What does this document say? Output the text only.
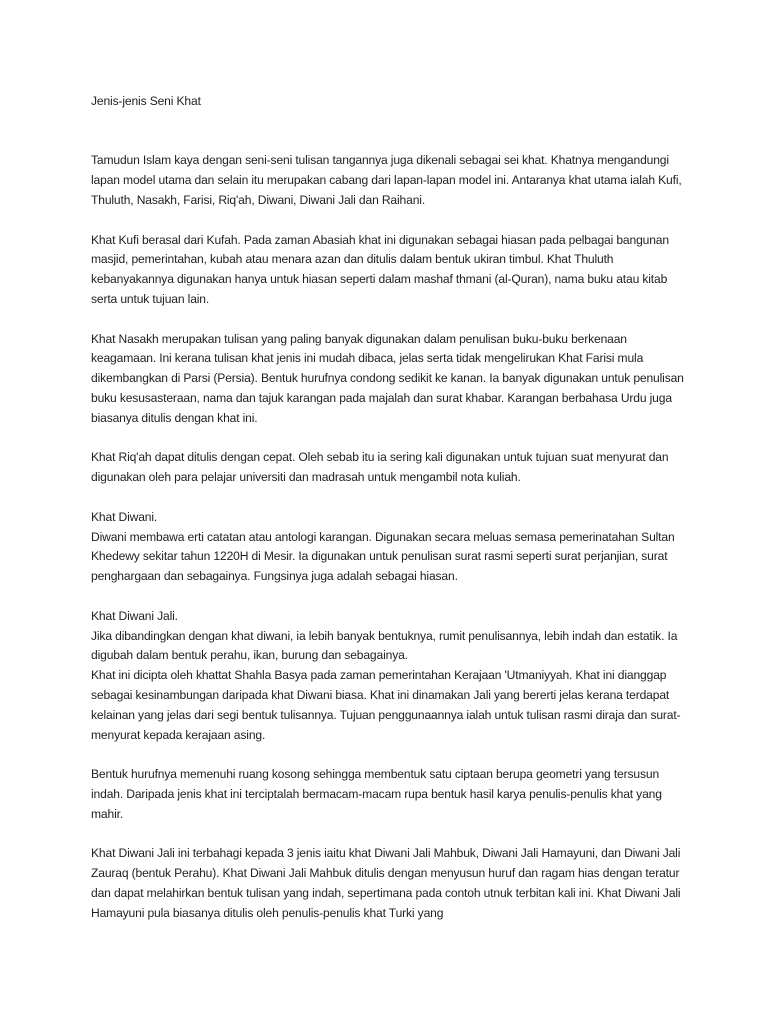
Jenis-jenis Seni Khat

Tamudun Islam kaya dengan seni-seni tulisan tangannya juga dikenali sebagai sei khat. Khatnya mengandungi lapan model utama dan selain itu merupakan cabang dari lapan-lapan model ini. Antaranya khat utama ialah Kufi, Thuluth, Nasakh, Farisi, Riq'ah, Diwani, Diwani Jali dan Raihani.

Khat Kufi berasal dari Kufah. Pada zaman Abasiah khat ini digunakan sebagai hiasan pada pelbagai bangunan masjid, pemerintahan, kubah atau menara azan dan ditulis dalam bentuk ukiran timbul. Khat Thuluth kebanyakannya digunakan hanya untuk hiasan seperti dalam mashaf thmani (al-Quran), nama buku atau kitab serta untuk tujuan lain.

Khat Nasakh merupakan tulisan yang paling banyak digunakan dalam penulisan buku-buku berkenaan keagamaan. Ini kerana tulisan khat jenis ini mudah dibaca, jelas serta tidak mengelirukan Khat Farisi mula dikembangkan di Parsi (Persia). Bentuk hurufnya condong sedikit ke kanan. Ia banyak digunakan untuk penulisan buku kesusasteraan, nama dan tajuk karangan pada majalah dan surat khabar. Karangan berbahasa Urdu juga biasanya ditulis dengan khat ini.

Khat Riq'ah dapat ditulis dengan cepat. Oleh sebab itu ia sering kali digunakan untuk tujuan suat menyurat dan digunakan oleh para pelajar universiti dan madrasah untuk mengambil nota kuliah.

Khat Diwani.

Diwani membawa erti catatan atau antologi karangan. Digunakan secara meluas semasa pemerinatahan Sultan Khedewy sekitar tahun 1220H di Mesir. Ia digunakan untuk penulisan surat rasmi seperti surat perjanjian, surat penghargaan dan sebagainya. Fungsinya juga adalah sebagai hiasan.

Khat Diwani Jali.

Jika dibandingkan dengan khat diwani, ia lebih banyak bentuknya, rumit penulisannya, lebih indah dan estatik. Ia digubah dalam bentuk perahu, ikan, burung dan sebagainya.

Khat ini dicipta oleh khattat Shahla Basya pada zaman pemerintahan Kerajaan 'Utmaniyyah. Khat ini dianggap sebagai kesinambungan daripada khat Diwani biasa. Khat ini dinamakan Jali yang bererti jelas kerana terdapat kelainan yang jelas dari segi bentuk tulisannya. Tujuan penggunaannya ialah untuk tulisan rasmi diraja dan surat-menyurat kepada kerajaan asing.

Bentuk hurufnya memenuhi ruang kosong sehingga membentuk satu ciptaan berupa geometri yang tersusun indah. Daripada jenis khat ini terciptalah bermacam-macam rupa bentuk hasil karya penulis-penulis khat yang mahir.

Khat Diwani Jali ini terbahagi kepada 3 jenis iaitu khat Diwani Jali Mahbuk, Diwani Jali Hamayuni, dan Diwani Jali Zauraq (bentuk Perahu). Khat Diwani Jali Mahbuk ditulis dengan menyusun huruf dan ragam hias dengan teratur dan dapat melahirkan bentuk tulisan yang indah, sepertimana pada contoh utnuk terbitan kali ini. Khat Diwani Jali Hamayuni pula biasanya ditulis oleh penulis-penulis khat Turki yang
